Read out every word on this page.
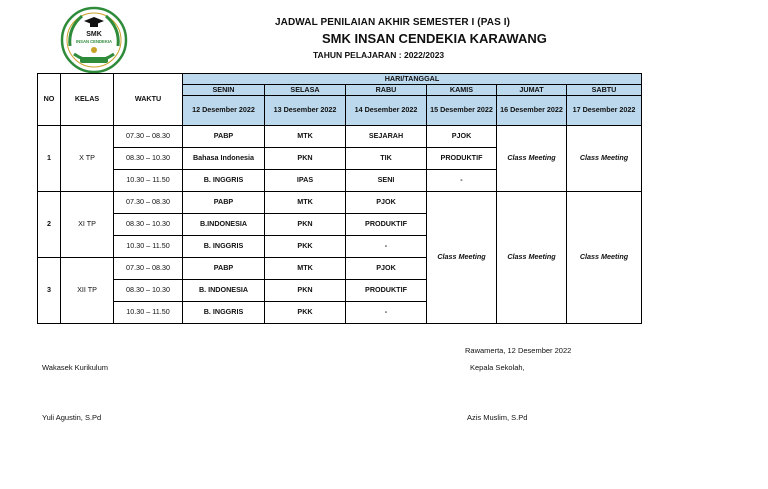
SMK
INSAN CENDEKIA
JADWAL PENILAIAN AKHIR SEMESTER I (PAS I)
SMK INSAN CENDEKIA KARAWANG
TAHUN PELAJARAN : 2022/2023
NO	KELAS	WAKTU	HARI/TANGGAL					
			SENIN	SELASA	RABU	KAMIS	JUMAT	SABTU
			12 Desember 2022	13 Desember 2022	14 Desember 2022	15 Desember 2022	16 Desember 2022	17 Desember 2022
1	X TP	07.30 – 08.30	PABP	MTK	SEJARAH	PJOK	Class Meeting	Class Meeting
		08.30 – 10.30	Bahasa Indonesia	PKN	TIK	PRODUKTIF		
		10.30 – 11.50	B. INGGRIS	IPAS	SENI	-		
2	XI TP	07.30 – 08.30	PABP	MTK	PJOK	Class Meeting	Class Meeting	Class Meeting
		08.30 – 10.30	B.INDONESIA	PKN	PRODUKTIF			
		10.30 – 11.50	B. INGGRIS	PKK	-			
3	XII TP	07.30 – 08.30	PABP	MTK	PJOK			
		08.30 – 10.30	B. INDONESIA	PKN	PRODUKTIF			
		10.30 – 11.50	B. INGGRIS	PKK	-			
Rawamerta, 12 Desember 2022
Wakasek Kurikulum	Kepala Sekolah,
Yuli Agustin, S.Pd	Azis Muslim, S.Pd
